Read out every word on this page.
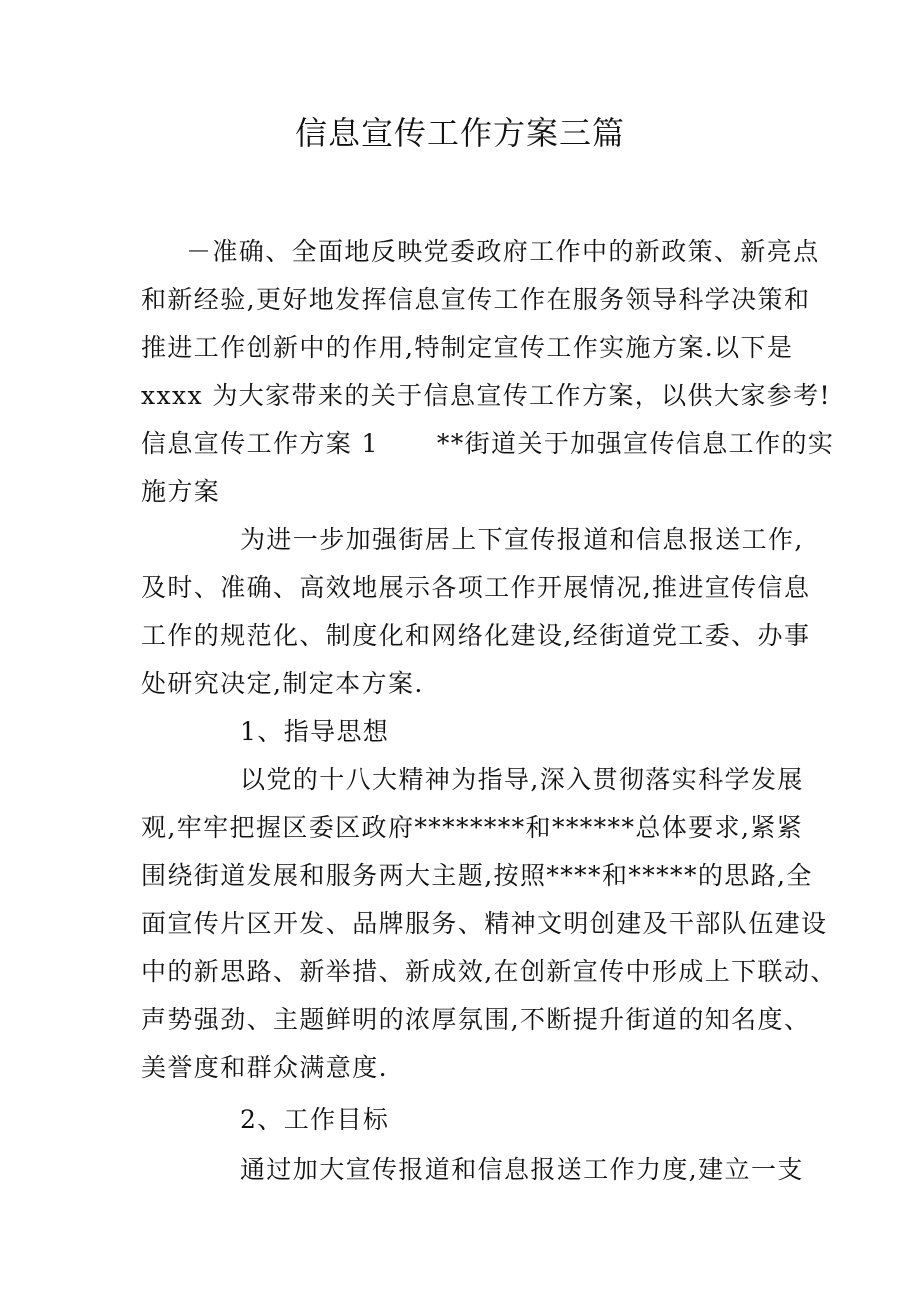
信息宣传工作方案三篇
－准确、全面地反映党委政府工作中的新政策、新亮点
和新经验,更好地发挥信息宣传工作在服务领导科学决策和
推进工作创新中的作用,特制定宣传工作实施方案.以下是
xxxx 为大家带来的关于信息宣传工作方案，以供大家参考!
信息宣传工作方案 1 **街道关于加强宣传信息工作的实
施方案
为进一步加强街居上下宣传报道和信息报送工作,
及时、准确、高效地展示各项工作开展情况,推进宣传信息
工作的规范化、制度化和网络化建设,经街道党工委、办事
处研究决定,制定本方案.
1、指导思想
以党的十八大精神为指导,深入贯彻落实科学发展
观,牢牢把握区委区政府********和******总体要求,紧紧
围绕街道发展和服务两大主题,按照****和*****的思路,全
面宣传片区开发、品牌服务、精神文明创建及干部队伍建设
中的新思路、新举措、新成效,在创新宣传中形成上下联动、
声势强劲、主题鲜明的浓厚氛围,不断提升街道的知名度、
美誉度和群众满意度.
2、工作目标
通过加大宣传报道和信息报送工作力度,建立一支
